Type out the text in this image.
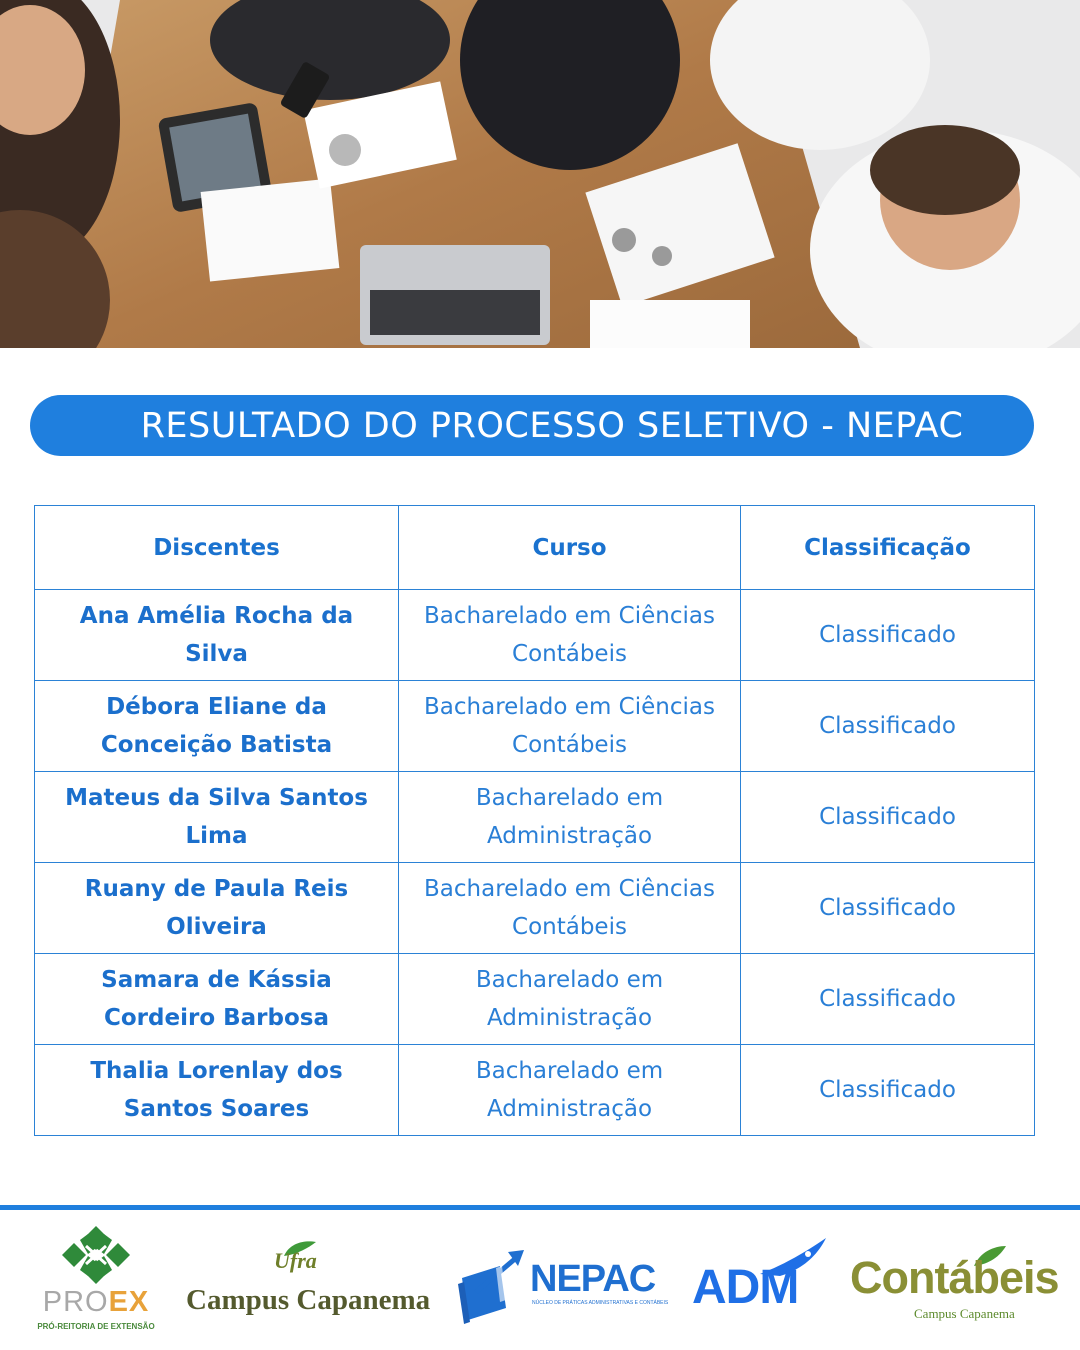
RESULTADO DO PROCESSO SELETIVO - NEPAC
Discentes	Curso	Classificação
Ana Amélia Rocha da Silva	Bacharelado em Ciências Contábeis	Classificado
Débora Eliane da Conceição Batista	Bacharelado em Ciências Contábeis	Classificado
Mateus da Silva Santos Lima	Bacharelado em Administração	Classificado
Ruany de Paula Reis Oliveira	Bacharelado em Ciências Contábeis	Classificado
Samara de Kássia Cordeiro Barbosa	Bacharelado em Administração	Classificado
Thalia Lorenlay dos Santos Soares	Bacharelado em Administração	Classificado
PROEX
PRÓ-REITORIA DE EXTENSÃO
Ufra
Campus Capanema	NEPAC
NÚCLEO DE PRÁTICAS ADMINISTRATIVAS E CONTÁBEIS ADM Contábeis
Campus Capanema
